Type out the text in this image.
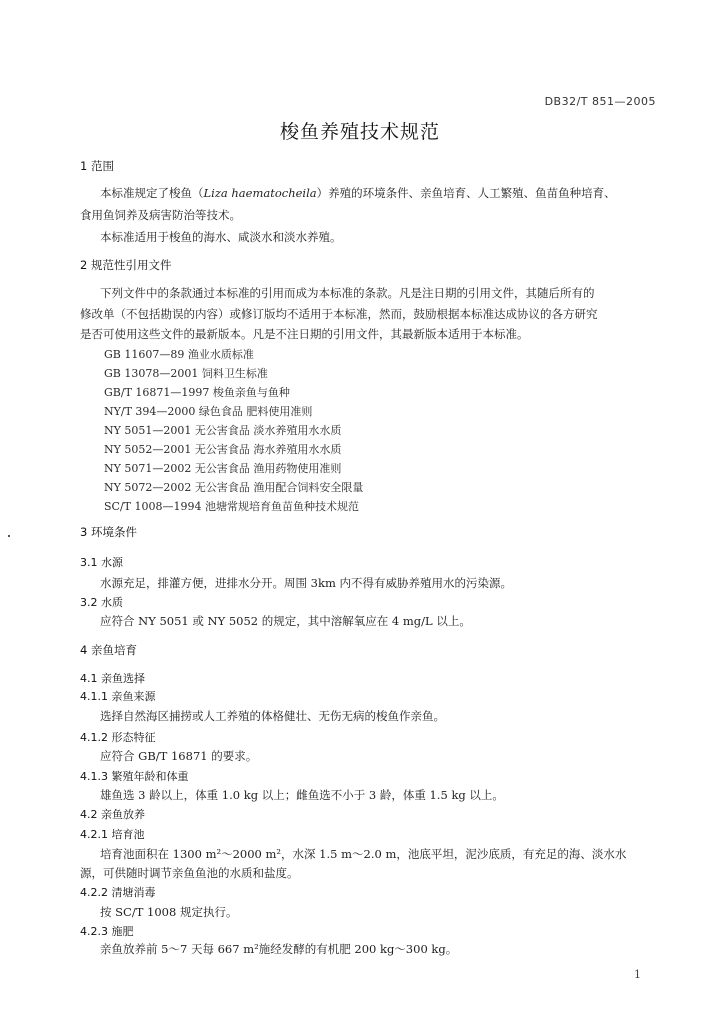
DB32/T 851—2005
梭鱼养殖技术规范
1 范围
本标准规定了梭鱼（Liza haematocheila）养殖的环境条件、亲鱼培育、人工繁殖、鱼苗鱼种培育、
食用鱼饲养及病害防治等技术。
本标准适用于梭鱼的海水、咸淡水和淡水养殖。
2 规范性引用文件
下列文件中的条款通过本标准的引用而成为本标准的条款。凡是注日期的引用文件，其随后所有的
修改单（不包括勘误的内容）或修订版均不适用于本标准，然而，鼓励根据本标准达成协议的各方研究
是否可使用这些文件的最新版本。凡是不注日期的引用文件，其最新版本适用于本标准。
GB 11607—89 渔业水质标准
GB 13078—2001 饲料卫生标准
GB/T 16871—1997 梭鱼亲鱼与鱼种
NY/T 394—2000 绿色食品 肥料使用准则
NY 5051—2001 无公害食品 淡水养殖用水水质
NY 5052—2001 无公害食品 海水养殖用水水质
NY 5071—2002 无公害食品 渔用药物使用准则
NY 5072—2002 无公害食品 渔用配合饲料安全限量
SC/T 1008—1994 池塘常规培育鱼苗鱼种技术规范
3 环境条件
3.1 水源
水源充足，排灌方便，进排水分开。周围 3km 内不得有威胁养殖用水的污染源。
3.2 水质
应符合 NY 5051 或 NY 5052 的规定，其中溶解氧应在 4 mg/L 以上。
4 亲鱼培育
4.1 亲鱼选择
4.1.1 亲鱼来源
选择自然海区捕捞或人工养殖的体格健壮、无伤无病的梭鱼作亲鱼。
4.1.2 形态特征
应符合 GB/T 16871 的要求。
4.1.3 繁殖年龄和体重
雄鱼选 3 龄以上，体重 1.0 kg 以上；雌鱼选不小于 3 龄，体重 1.5 kg 以上。
4.2 亲鱼放养
4.2.1 培育池
培育池面积在 1300 m²～2000 m²，水深 1.5 m～2.0 m，池底平坦，泥沙底质，有充足的海、淡水水
源，可供随时调节亲鱼鱼池的水质和盐度。
4.2.2 清塘消毒
按 SC/T 1008 规定执行。
4.2.3 施肥
亲鱼放养前 5～7 天每 667 m²施经发酵的有机肥 200 kg～300 kg。
1
